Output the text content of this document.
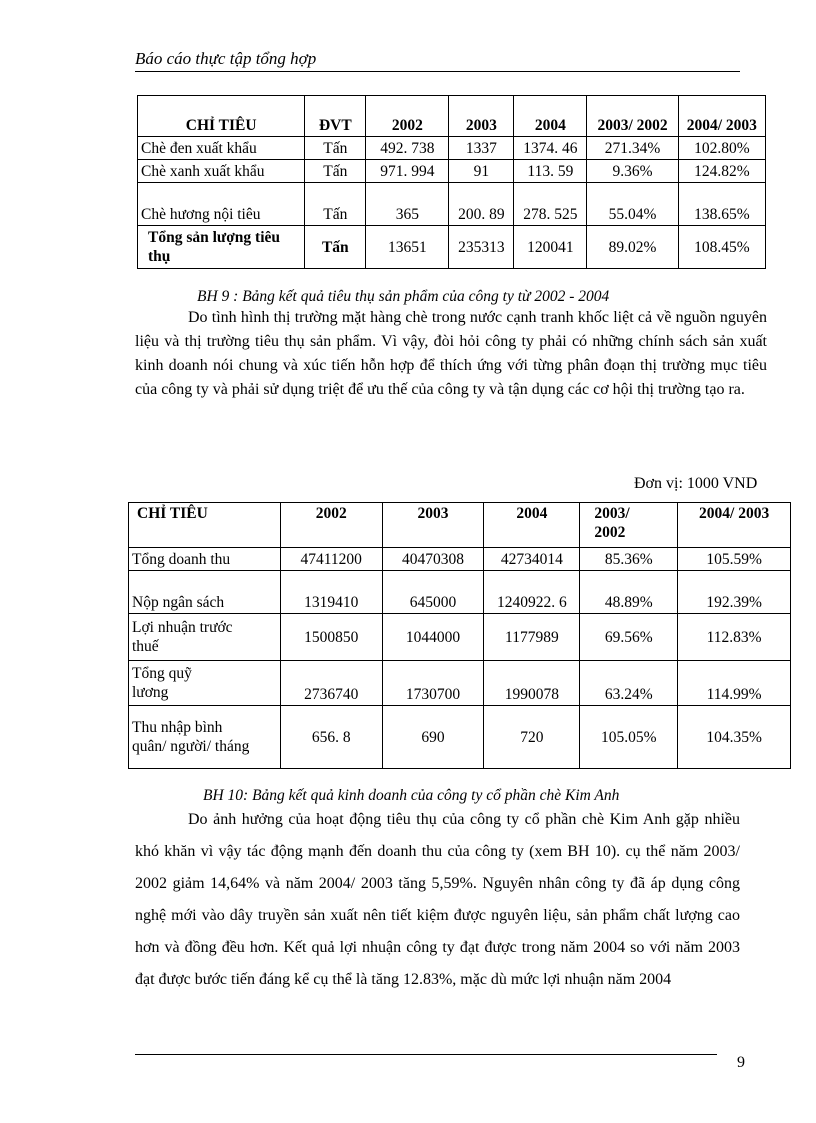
Báo cáo thực tập tổng hợp
CHỈ TIÊU	ĐVT	2002	2003	2004	2003/ 2002	2004/ 2003
Chè đen xuất khẩu	Tấn	492. 738	1337	1374. 46	271.34%	102.80%
Chè xanh xuất khẩu	Tấn	971. 994	91	113. 59	9.36%	124.82%
Chè hương nội tiêu	Tấn	365	200. 89	278. 525	55.04%	138.65%
Tổng sản lượng tiêu thụ	Tấn	13651	235313	120041	89.02%	108.45%
BH 9 : Bảng kết quả tiêu thụ sản phẩm của công ty từ 2002 - 2004
Do tình hình thị trường mặt hàng chè trong nước cạnh tranh khốc liệt cả về nguồn nguyên liệu và thị trường tiêu thụ sản phẩm. Vì vậy, đòi hỏi công ty phải có những chính sách sản xuất kinh doanh nói chung và xúc tiến hỗn hợp để thích ứng với từng phân đoạn thị trường mục tiêu của công ty và phải sử dụng triệt để ưu thế của công ty và tận dụng các cơ hội thị trường tạo ra.
Đơn vị: 1000 VND
CHỈ TIÊU	2002	2003	2004	2003/ 2002	2004/ 2003
Tổng doanh thu	47411200	40470308	42734014	85.36%	105.59%
Nộp ngân sách	1319410	645000	1240922. 6	48.89%	192.39%
Lợi nhuận trước thuế	1500850	1044000	1177989	69.56%	112.83%
Tổng quỹ lương	2736740	1730700	1990078	63.24%	114.99%
Thu nhập bình quân/ người/ tháng	656. 8	690	720	105.05%	104.35%
BH 10: Bảng kết quả kinh doanh của công ty cổ phần chè Kim Anh
Do ảnh hưởng của hoạt động tiêu thụ của công ty cổ phần chè Kim Anh gặp nhiều khó khăn vì vậy tác động mạnh đến doanh thu của công ty (xem BH 10). cụ thể năm 2003/ 2002 giảm 14,64% và năm 2004/ 2003 tăng 5,59%. Nguyên nhân công ty đã áp dụng công nghệ mới vào dây truyền sản xuất nên tiết kiệm được nguyên liệu, sản phẩm chất lượng cao hơn và đồng đều hơn. Kết quả lợi nhuận công ty đạt được trong năm 2004 so với năm 2003 đạt được bước tiến đáng kể cụ thể là tăng 12.83%, mặc dù mức lợi nhuận năm 2004
9
